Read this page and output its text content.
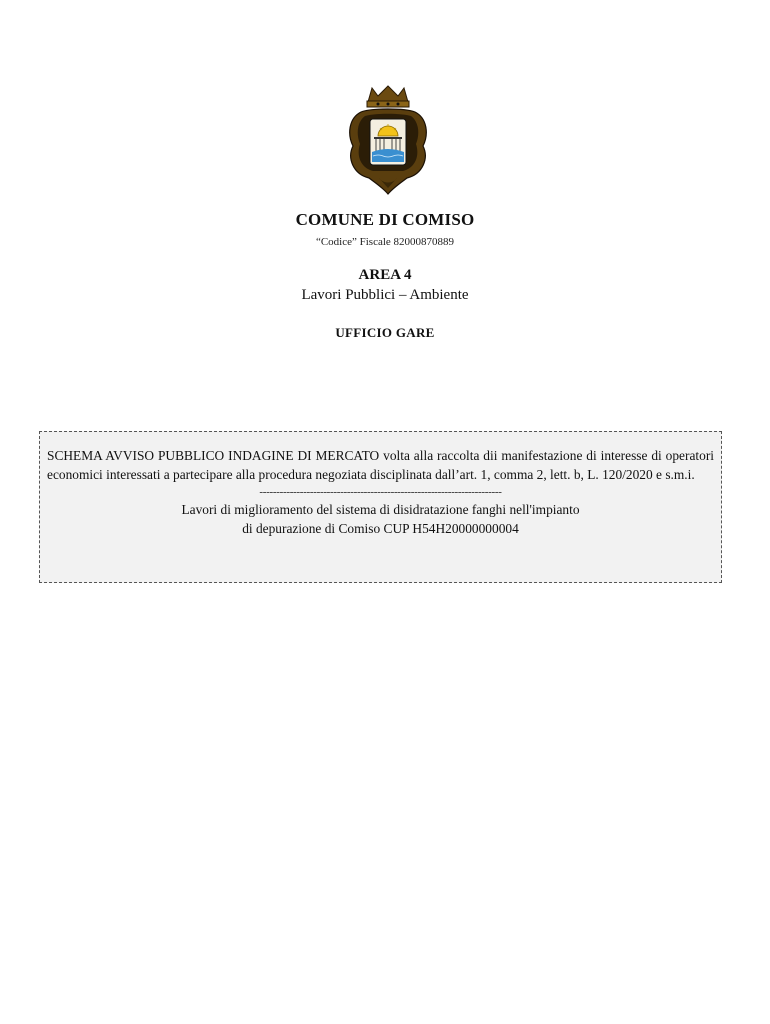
COMUNE DI COMISO
“Codice” Fiscale 82000870889
AREA 4
Lavori Pubblici – Ambiente
UFFICIO GARE

SCHEMA AVVISO PUBBLICO INDAGINE DI MERCATO volta alla raccolta dii manifestazione di interesse di operatori economici interessati a partecipare alla procedura negoziata disciplinata dall’art. 1, comma 2, lett. b, L. 120/2020 e s.m.i.

------------------------------------------------------------------------
Lavori di miglioramento del sistema di disidratazione fanghi nell'impianto
di depurazione di Comiso CUP H54H20000000004
